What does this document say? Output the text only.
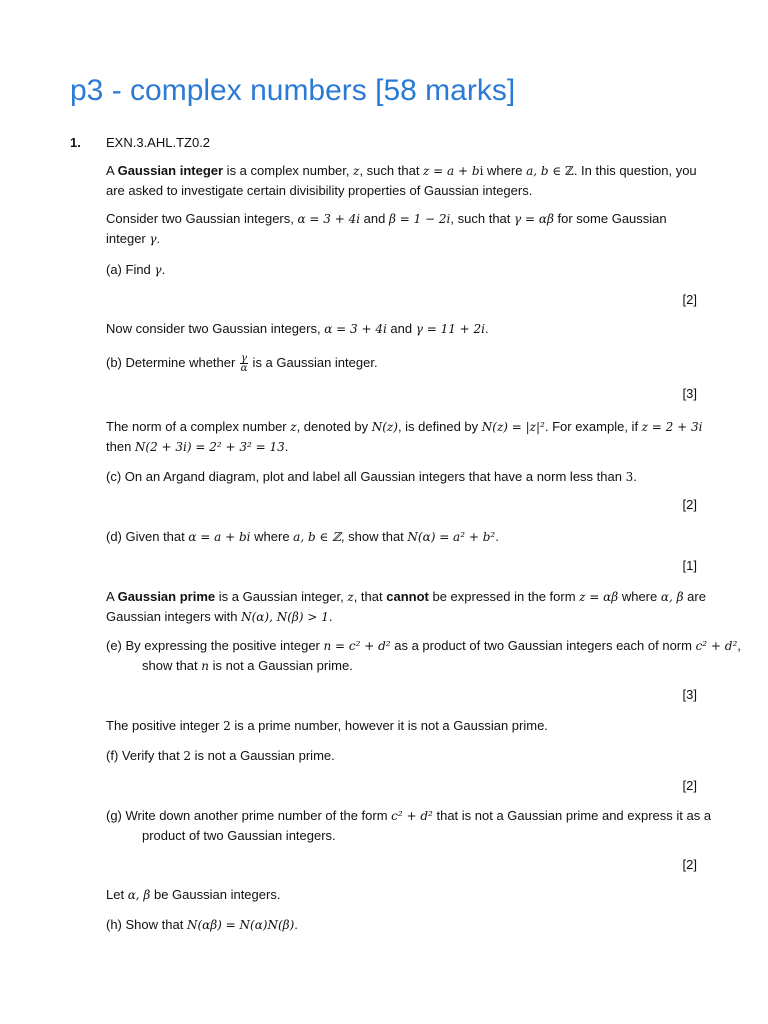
p3 - complex numbers [58 marks]
1. EXN.3.AHL.TZ0.2
A Gaussian integer is a complex number, z, such that z = a + bi where a, b ∈ ℤ. In this question, you are asked to investigate certain divisibility properties of Gaussian integers.
Consider two Gaussian integers, α = 3 + 4i and β = 1 − 2i, such that γ = αβ for some Gaussian integer γ.
(a) Find γ.
[2]
Now consider two Gaussian integers, α = 3 + 4i and γ = 11 + 2i.
(b) Determine whether $\frac{\gamma}{\alpha}$ is a Gaussian integer.
[3]
The norm of a complex number z, denoted by N(z), is defined by N(z) = |z|². For example, if z = 2 + 3i then N(2 + 3i) = 2² + 3² = 13.
(c) On an Argand diagram, plot and label all Gaussian integers that have a norm less than 3.
[2]
(d) Given that α = a + bi where a, b ∈ ℤ, show that N(α) = a² + b².
[1]
A Gaussian prime is a Gaussian integer, z, that cannot be expressed in the form z = αβ where α, β are Gaussian integers with N(α), N(β) > 1.
(e) By expressing the positive integer n = c² + d² as a product of two Gaussian integers each of norm c² + d², show that n is not a Gaussian prime.
[3]
The positive integer 2 is a prime number, however it is not a Gaussian prime.
(f) Verify that 2 is not a Gaussian prime.
[2]
(g) Write down another prime number of the form c² + d² that is not a Gaussian prime and express it as a product of two Gaussian integers.
[2]
Let α, β be Gaussian integers.
(h) Show that N(αβ) = N(α)N(β).
